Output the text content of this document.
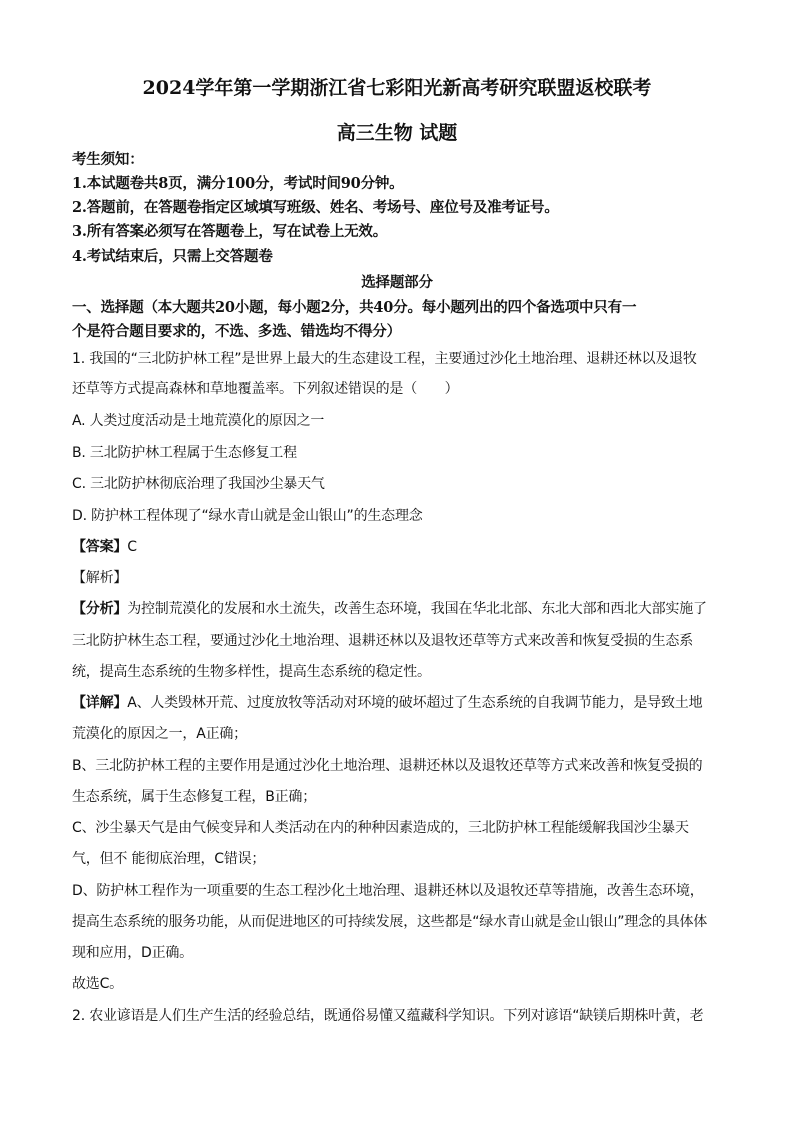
2024学年第一学期浙江省七彩阳光新高考研究联盟返校联考
高三生物 试题
考生须知：
1.本试题卷共8页，满分100分，考试时间90分钟。
2.答题前，在答题卷指定区域填写班级、姓名、考场号、座位号及准考证号。
3.所有答案必须写在答题卷上，写在试卷上无效。
4.考试结束后，只需上交答题卷
选择题部分
一、选择题（本大题共20小题，每小题2分，共40分。每小题列出的四个备选项中只有一
个是符合题目要求的，不选、多选、错选均不得分）
1. 我国的“三北防护林工程”是世界上最大的生态建设工程，主要通过沙化土地治理、退耕还林以及退牧
还草等方式提高森林和草地覆盖率。下列叙述错误的是（　　）
A. 人类过度活动是土地荒漠化的原因之一
B. 三北防护林工程属于生态修复工程
C. 三北防护林彻底治理了我国沙尘暴天气
D. 防护林工程体现了“绿水青山就是金山银山”的生态理念
【答案】C
【解析】
【分析】为控制荒漠化的发展和水土流失，改善生态环境，我国在华北北部、东北大部和西北大部实施了
三北防护林生态工程，要通过沙化土地治理、退耕还林以及退牧还草等方式来改善和恢复受损的生态系
统，提高生态系统的生物多样性，提高生态系统的稳定性。
【详解】A、人类毁林开荒、过度放牧等活动对环境的破坏超过了生态系统的自我调节能力，是导致土地
荒漠化的原因之一，A正确；
B、三北防护林工程的主要作用是通过沙化土地治理、退耕还林以及退牧还草等方式来改善和恢复受损的
生态系统，属于生态修复工程，B正确；
C、沙尘暴天气是由气候变异和人类活动在内的种种因素造成的，三北防护林工程能缓解我国沙尘暴天
气，但不 能彻底治理，C错误；
D、防护林工程作为一项重要的生态工程沙化土地治理、退耕还林以及退牧还草等措施，改善生态环境，
提高生态系统的服务功能，从而促进地区的可持续发展，这些都是“绿水青山就是金山银山”理念的具体体
现和应用，D正确。
故选C。
2. 农业谚语是人们生产生活的经验总结，既通俗易懂又蕴藏科学知识。下列对谚语“缺镁后期株叶黄，老
